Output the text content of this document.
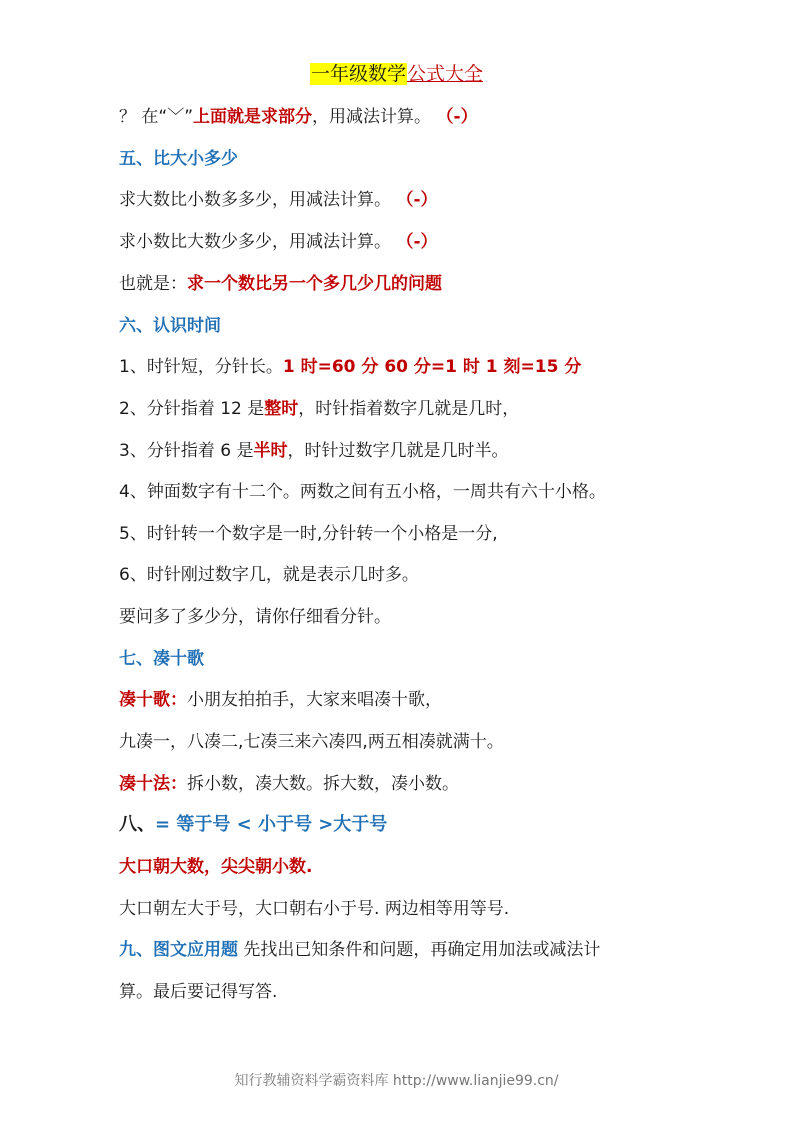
一年级数学公式大全
？ 在“﹀”上面就是求部分，用减法计算。 （-）
五、比大小多少
求大数比小数多多少，用减法计算。 （-）
求小数比大数少多少，用减法计算。 （-）
也就是：求一个数比另一个多几少几的问题
六、认识时间
1、时针短，分针长。1 时=60 分 60 分=1 时 1 刻=15 分
2、分针指着 12 是整时，时针指着数字几就是几时，
3、分针指着 6 是半时，时针过数字几就是几时半。
4、钟面数字有十二个。两数之间有五小格，一周共有六十小格。
5、时针转一个数字是一时,分针转一个小格是一分,
6、时针刚过数字几，就是表示几时多。
要问多了多少分，请你仔细看分针。
七、凑十歌
凑十歌：小朋友拍拍手，大家来唱凑十歌，
九凑一，八凑二,七凑三来六凑四,两五相凑就满十。
凑十法：拆小数，凑大数。拆大数，凑小数。
八、= 等于号 < 小于号 >大于号
大口朝大数，尖尖朝小数.
大口朝左大于号，大口朝右小于号. 两边相等用等号.
九、图文应用题 先找出已知条件和问题，再确定用加法或减法计
算。最后要记得写答.
知行教辅资料学霸资料库 http://www.lianjie99.cn/
